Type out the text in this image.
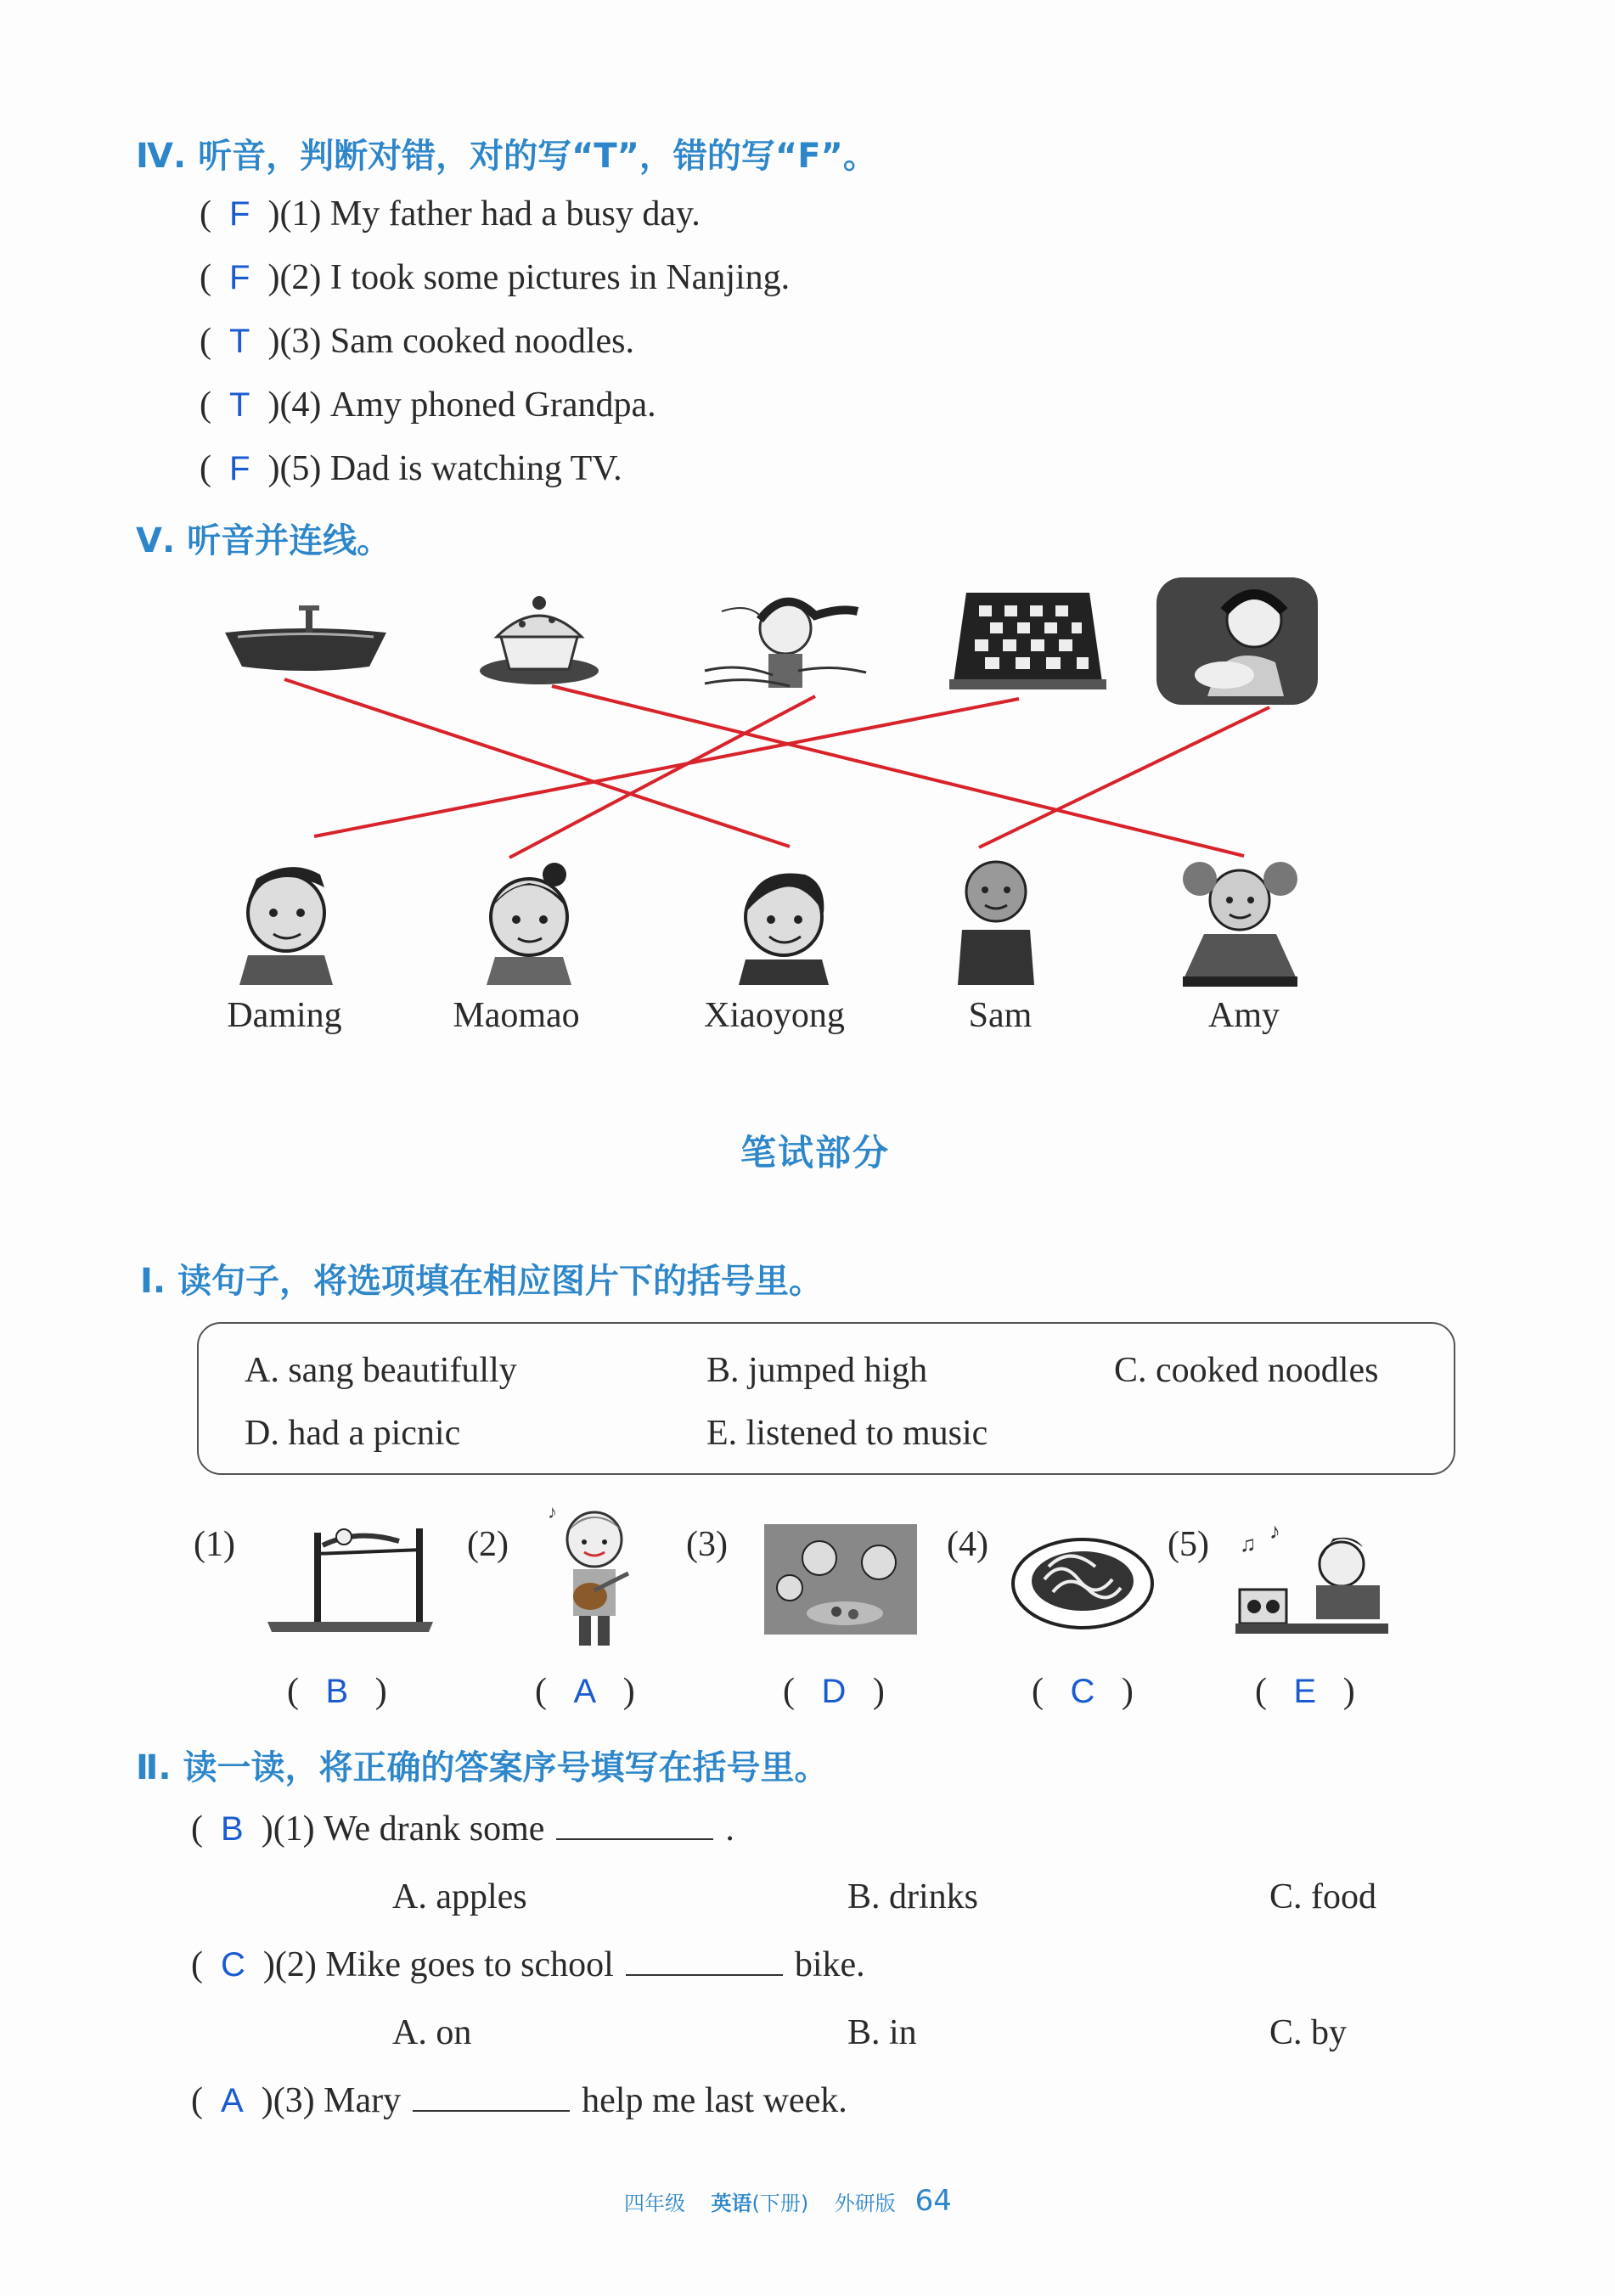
Ⅳ. 听音，判断对错，对的写“T”，错的写“F”。
(  F  )(1) My father had a busy day.
(  F  )(2) I took some pictures in Nanjing.
(  T  )(3) Sam cooked noodles.
(  T  )(4) Amy phoned Grandpa.
(  F  )(5) Dad is watching TV.
Ⅴ. 听音并连线。
Daming	Maomao	Xiaoyong	Sam	Amy
笔试部分
Ⅰ. 读句子，将选项填在相应图片下的括号里。
A. sang beautifully	B. jumped high	C. cooked noodles
D. had a picnic	E. listened to music
(1)	(2)	(3)	(4)	(5)
♪
♪
♫
(   B   )	(   A   )	(   D   )	(   C   )	(   E   )
Ⅱ. 读一读，将正确的答案序号填写在括号里。
(  B  )(1) We drank some	.
A. apples	B. drinks	C. food
(  C  )(2) Mike goes to school	bike.
A. on	B. in	C. by
(  A  )(3) Mary	help me last week.
四年级 英语(下册) 外研版 64
